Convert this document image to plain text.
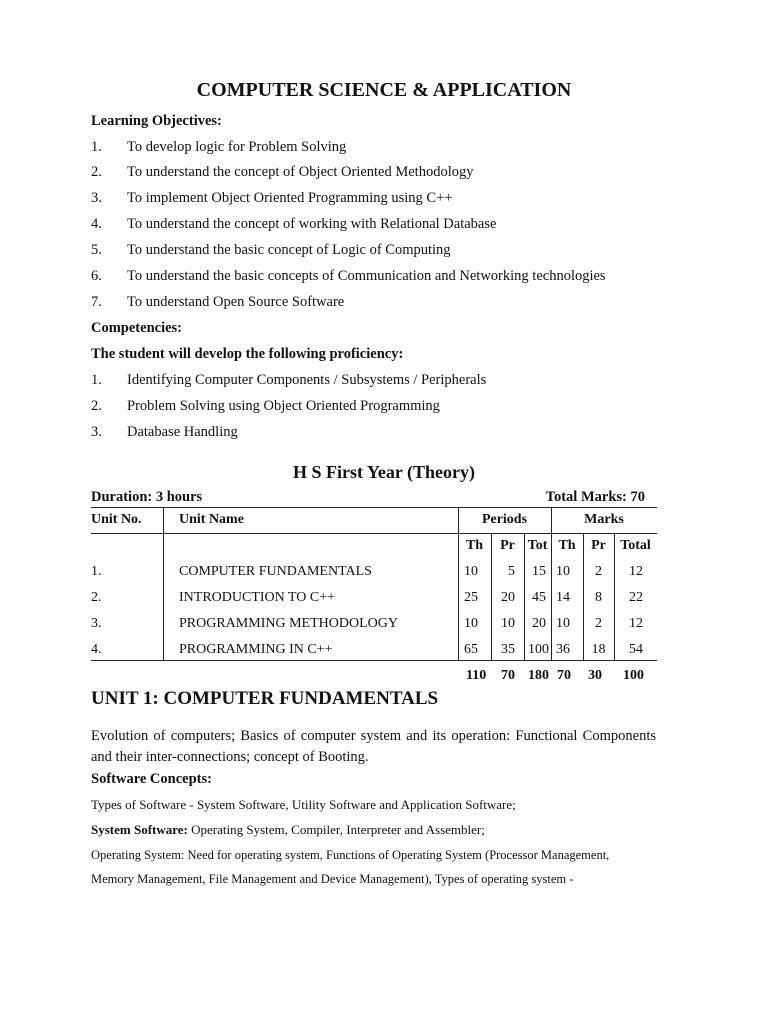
COMPUTER SCIENCE & APPLICATION
Learning Objectives:
1. To develop logic for Problem Solving
2. To understand the concept of Object Oriented Methodology
3. To implement Object Oriented Programming using C++
4. To understand the concept of working with Relational Database
5. To understand the basic concept of Logic of Computing
6. To understand the basic concepts of Communication and Networking technologies
7. To understand Open Source Software
Competencies:
The student will develop the following proficiency:
1. Identifying Computer Components / Subsystems / Peripherals
2. Problem Solving using Object Oriented Programming
3. Database Handling
H S First Year (Theory)
Duration: 3 hours	Total Marks: 70
Unit No.	Unit Name	Periods	Marks
Th	Pr Tot Th	Pr	Total
1.	COMPUTER FUNDAMENTALS	10	5	15 10	2	12
2.	INTRODUCTION TO C++	25	20	45 14	8	22
3.	PROGRAMMING METHODOLOGY	10	10	20 10	2	12
4.	PROGRAMMING IN C++	65	35 100 36	18	54
110 70 180 70 30 100
UNIT 1: COMPUTER FUNDAMENTALS
Evolution of computers; Basics of computer system and its operation: Functional Components and their inter-connections; concept of Booting.
Software Concepts:
Types of Software - System Software, Utility Software and Application Software;
System Software: Operating System, Compiler, Interpreter and Assembler;
Operating System: Need for operating system, Functions of Operating System (Processor Management,
Memory Management, File Management and Device Management), Types of operating system -
